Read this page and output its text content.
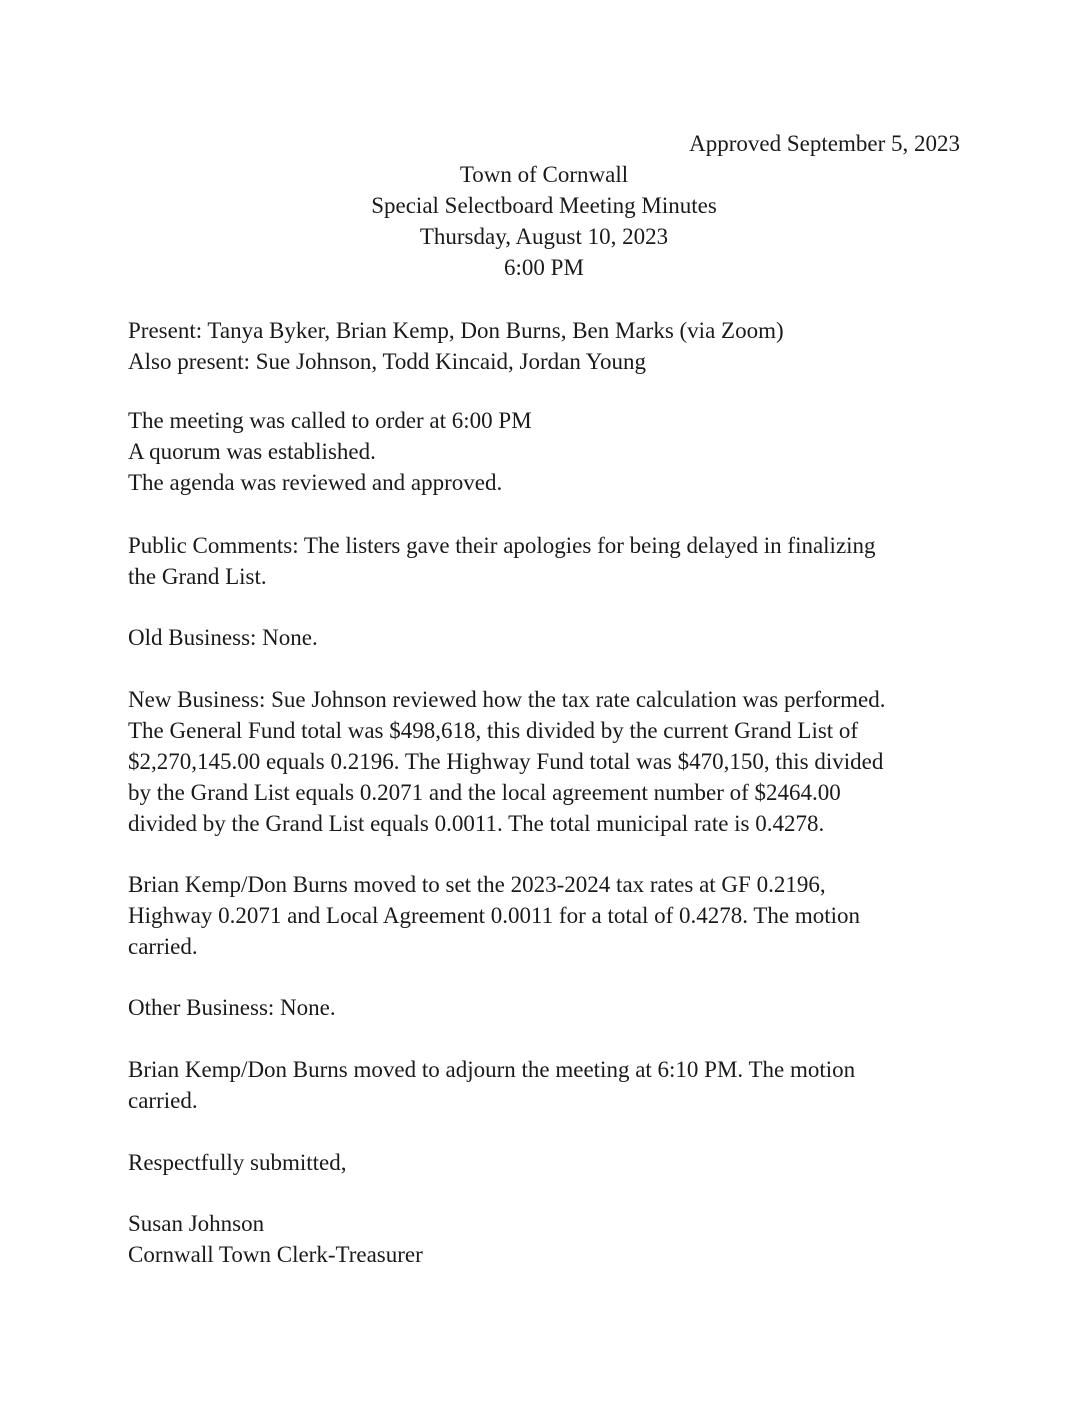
Approved September 5, 2023
Town of Cornwall
Special Selectboard Meeting Minutes
Thursday, August 10, 2023
6:00 PM

Present: Tanya Byker, Brian Kemp, Don Burns, Ben Marks (via Zoom)

Also present: Sue Johnson, Todd Kincaid, Jordan Young

The meeting was called to order at 6:00 PM

A quorum was established.

The agenda was reviewed and approved.

Public Comments: The listers gave their apologies for being delayed in finalizing

the Grand List.

Old Business: None.

New Business: Sue Johnson reviewed how the tax rate calculation was performed.

The General Fund total was $498,618, this divided by the current Grand List of

$2,270,145.00 equals 0.2196. The Highway Fund total was $470,150, this divided

by the Grand List equals 0.2071 and the local agreement number of $2464.00

divided by the Grand List equals 0.0011. The total municipal rate is 0.4278.

Brian Kemp/Don Burns moved to set the 2023-2024 tax rates at GF 0.2196,

Highway 0.2071 and Local Agreement 0.0011 for a total of 0.4278. The motion

carried.

Other Business: None.

Brian Kemp/Don Burns moved to adjourn the meeting at 6:10 PM. The motion

carried.

Respectfully submitted,

Susan Johnson

Cornwall Town Clerk-Treasurer
